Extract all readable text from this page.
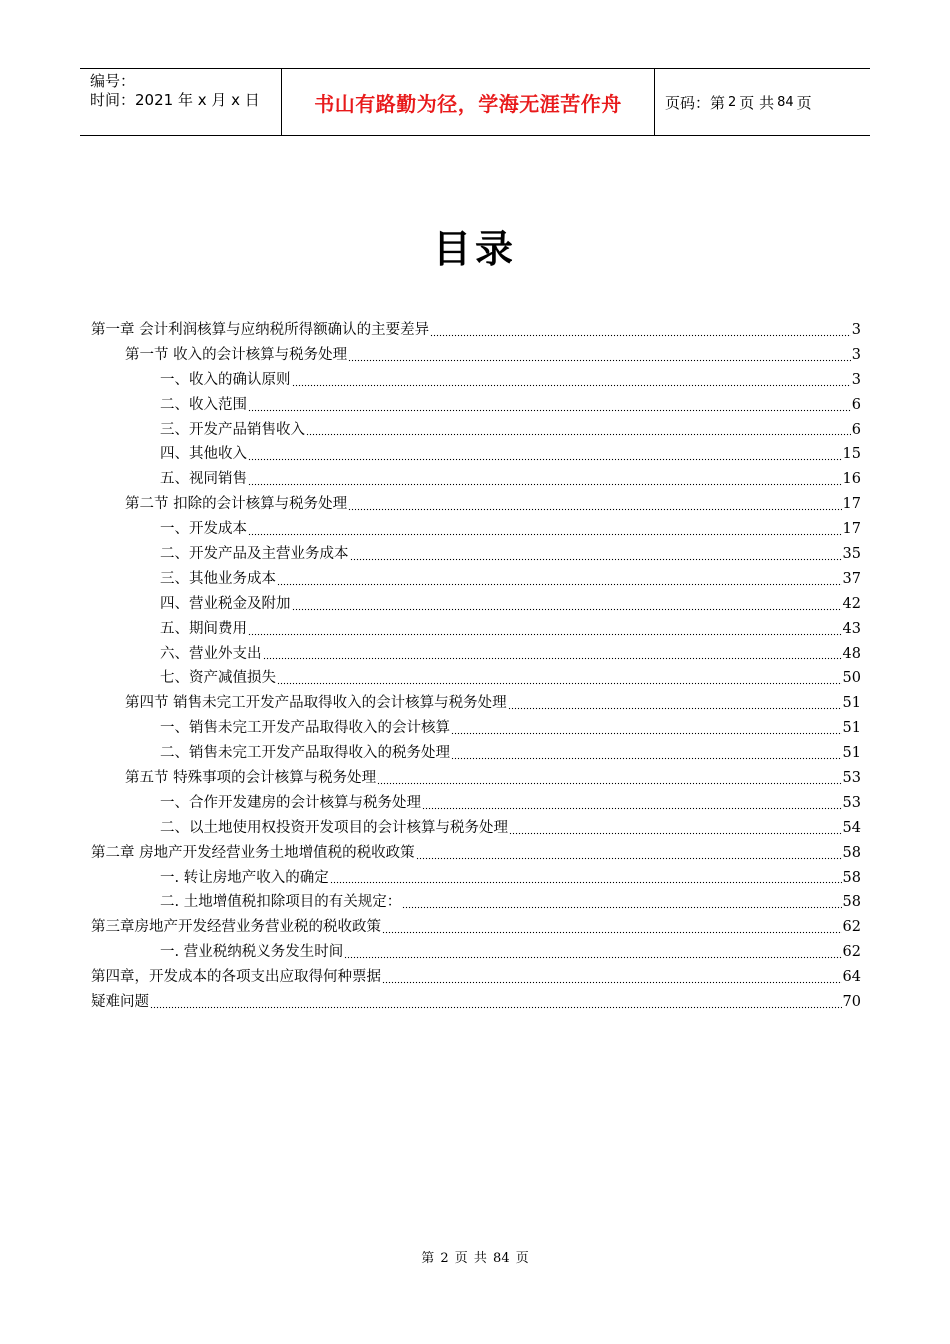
编号：
时间：2021 年 x 月 x 日	书山有路勤为径，学海无涯苦作舟	页码：第 2 页 共 84 页
目录
第一章 会计利润核算与应纳税所得额确认的主要差异	3
第一节 收入的会计核算与税务处理	3
一、收入的确认原则	3
二、收入范围	6
三、开发产品销售收入	6
四、其他收入	15
五、视同销售	16
第二节 扣除的会计核算与税务处理	17
一、开发成本	17
二、开发产品及主营业务成本	35
三、其他业务成本	37
四、营业税金及附加	42
五、期间费用	43
六、营业外支出	48
七、资产减值损失	50
第四节 销售未完工开发产品取得收入的会计核算与税务处理	51
一、销售未完工开发产品取得收入的会计核算	51
二、销售未完工开发产品取得收入的税务处理	51
第五节 特殊事项的会计核算与税务处理	53
一、合作开发建房的会计核算与税务处理	53
二、以土地使用权投资开发项目的会计核算与税务处理	54
第二章 房地产开发经营业务土地增值税的税收政策	58
一. 转让房地产收入的确定	58
二. 土地增值税扣除项目的有关规定：	58
第三章房地产开发经营业务营业税的税收政策	62
一. 营业税纳税义务发生时间	62
第四章，开发成本的各项支出应取得何种票据	64
疑难问题	70
第 2 页 共 84 页
